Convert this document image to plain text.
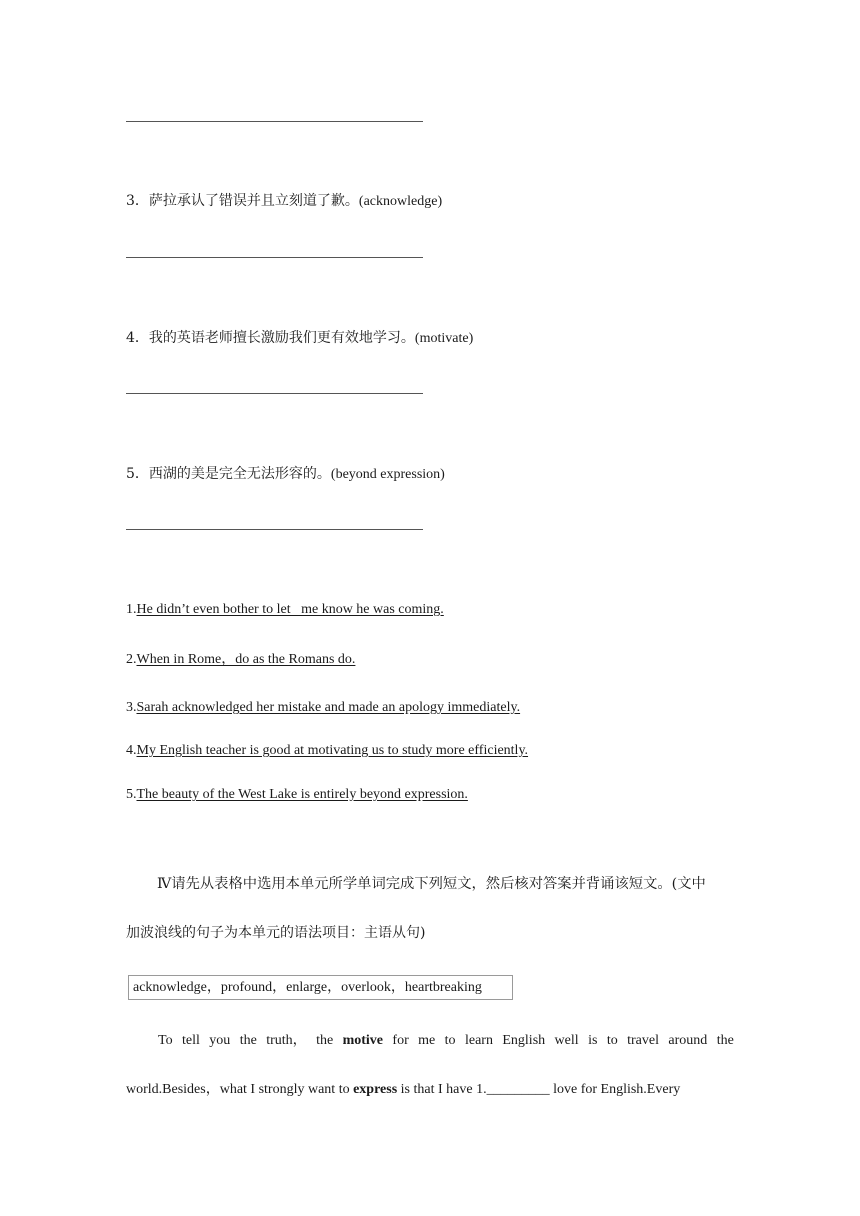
3．萨拉承认了错误并且立刻道了歉。(acknowledge)
4．我的英语老师擅长激励我们更有效地学习。(motivate)
5．西湖的美是完全无法形容的。(beyond expression)
1.He didn’t even bother to let   me know he was coming.
2.When in Rome，do as the Romans do.
3.Sarah acknowledged her mistake and made an apology immediately.
4.My English teacher is good at motivating us to study more efficiently.
5.The beauty of the West Lake is entirely beyond expression.
Ⅳ请先从表格中选用本单元所学单词完成下列短文，然后核对答案并背诵该短文。(文中
加波浪线的句子为本单元的语法项目：主语从句)
acknowledge，profound，enlarge，overlook，heartbreaking
To tell you the truth， the motive for me to learn English well is to travel around the
world.Besides，what I strongly want to express is that I have 1._________ love for English.Every
